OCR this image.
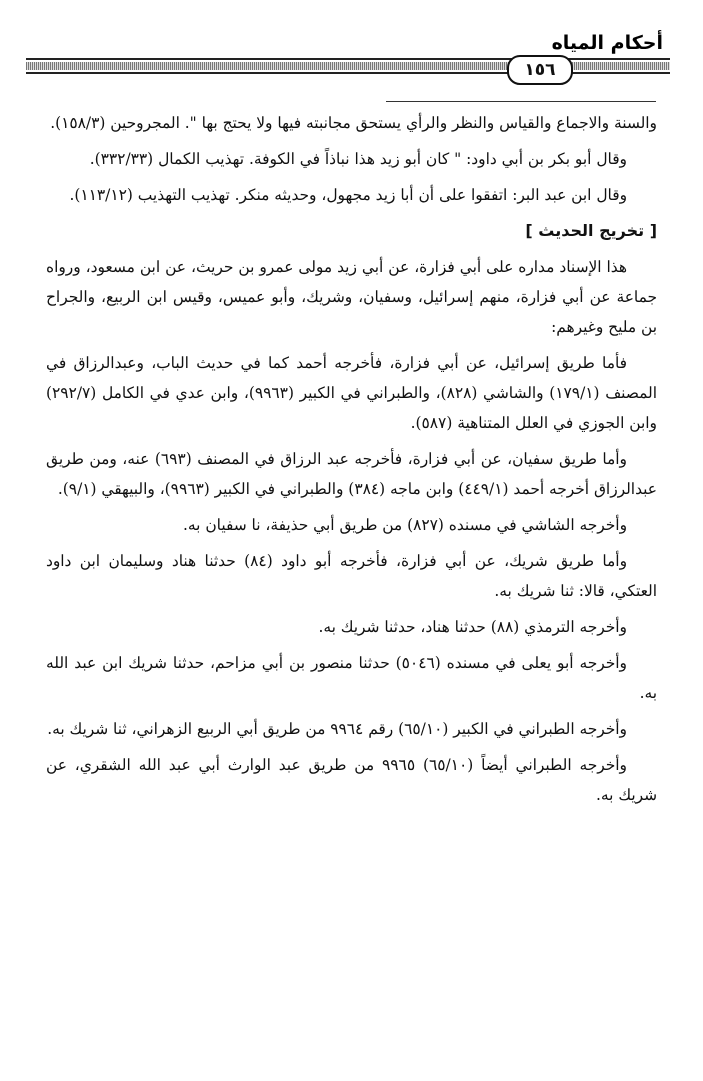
أحكام المياه
١٥٦

والسنة والاجماع والقياس والنظر والرأي يستحق مجانبته فيها ولا يحتج بها ". المجروحين (١٥٨/٣).

وقال أبو بكر بن أبي داود: " كان أبو زيد هذا نباذاً في الكوفة. تهذيب الكمال (٣٣٢/٣٣).

وقال ابن عبد البر: اتفقوا على أن أبا زيد مجهول، وحديثه منكر. تهذيب التهذيب (١١٣/١٢).

[ تخريج الحديث ]

هذا الإسناد مداره على أبي فزارة، عن أبي زيد مولى عمرو بن حريث، عن ابن مسعود، ورواه جماعة عن أبي فزارة، منهم إسرائيل، وسفيان، وشريك، وأبو عميس، وقيس ابن الربيع، والجراح بن مليح وغيرهم:

فأما طريق إسرائيل، عن أبي فزارة، فأخرجه أحمد كما في حديث الباب، وعبدالرزاق في المصنف (١٧٩/١) والشاشي (٨٢٨)، والطبراني في الكبير (٩٩٦٣)، وابن عدي في الكامل (٢٩٢/٧) وابن الجوزي في العلل المتناهية (٥٨٧).

وأما طريق سفيان، عن أبي فزارة، فأخرجه عبد الرزاق في المصنف (٦٩٣) عنه، ومن طريق عبدالرزاق أخرجه أحمد (٤٤٩/١) وابن ماجه (٣٨٤) والطبراني في الكبير (٩٩٦٣)، والبيهقي (٩/١).

وأخرجه الشاشي في مسنده (٨٢٧) من طريق أبي حذيفة، نا سفيان به.

وأما طريق شريك، عن أبي فزارة، فأخرجه أبو داود (٨٤) حدثنا هناد وسليمان ابن داود العتكي، قالا: ثنا شريك به.

وأخرجه الترمذي (٨٨) حدثنا هناد، حدثنا شريك به.

وأخرجه أبو يعلى في مسنده (٥٠٤٦) حدثنا منصور بن أبي مزاحم، حدثنا شريك ابن عبد الله به.

وأخرجه الطبراني في الكبير (٦٥/١٠) رقم ٩٩٦٤ من طريق أبي الربيع الزهراني، ثنا شريك به.

وأخرجه الطبراني أيضاً (٦٥/١٠) ٩٩٦٥ من طريق عبد الوارث أبي عبد الله الشقري، عن شريك به.
